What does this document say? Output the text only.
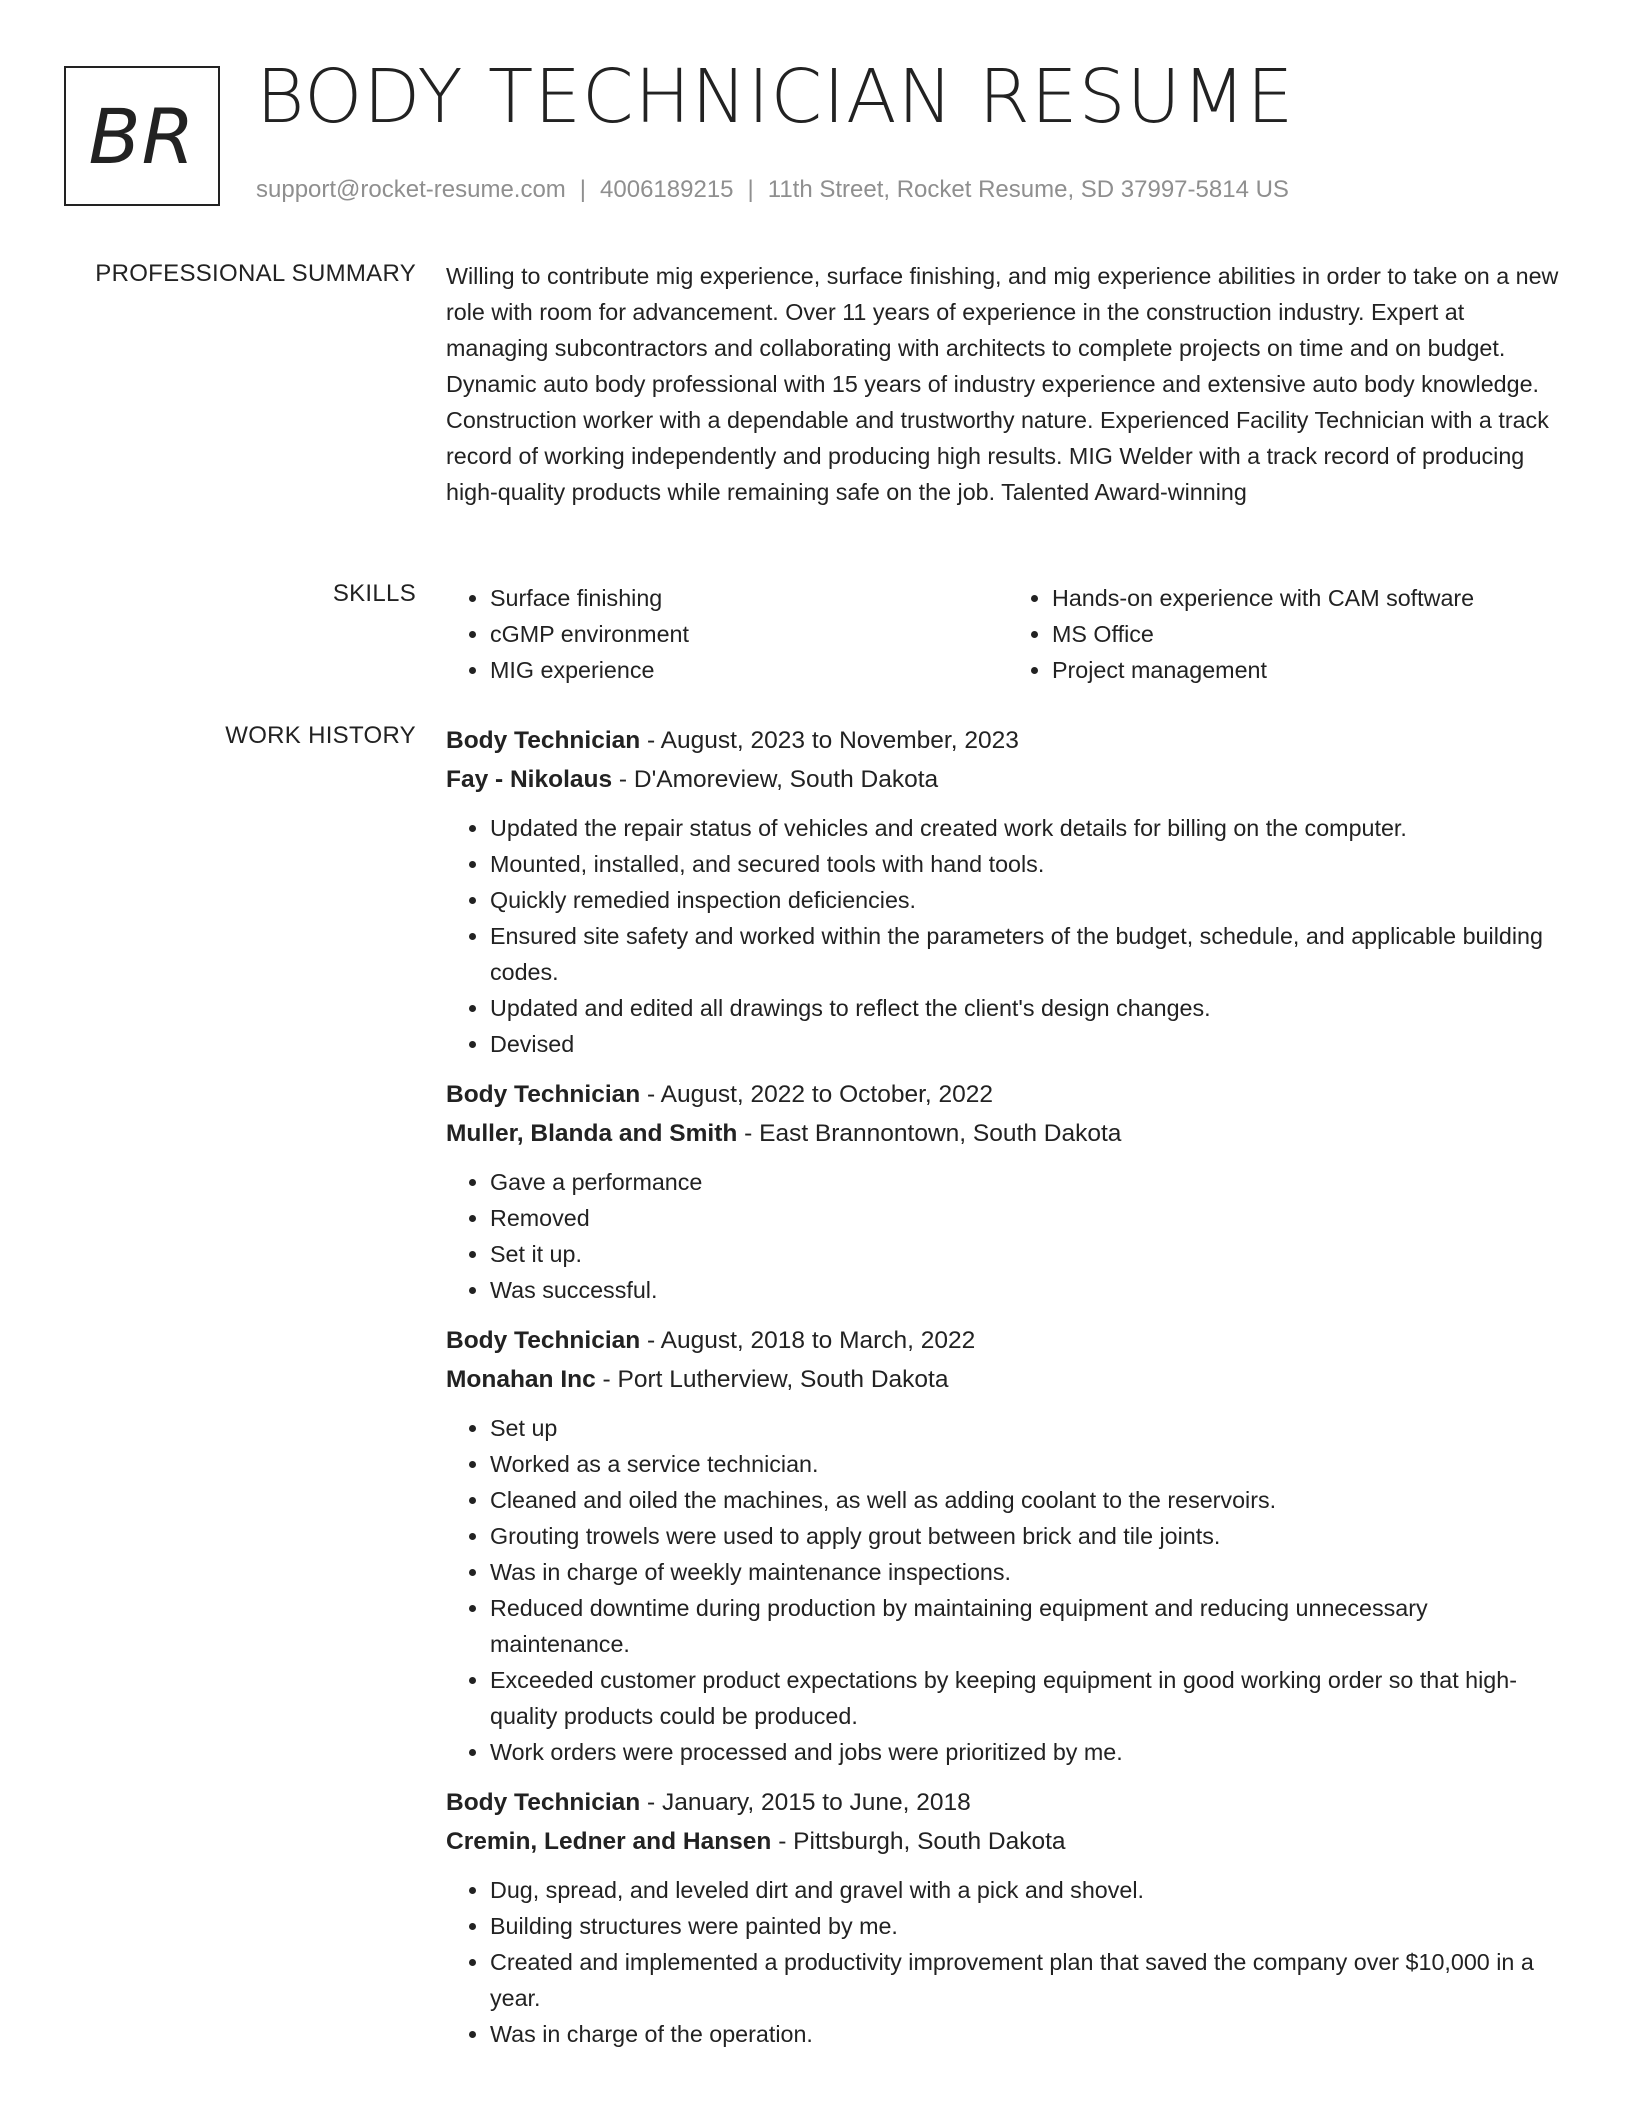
BR BODY TECHNICIAN RESUME
support@rocket-resume.com | 4006189215 | 11th Street, Rocket Resume, SD 37997-5814 US
PROFESSIONAL SUMMARY Willing to contribute mig experience, surface finishing, and mig experience abilities in order to take on a new role with room for advancement. Over 11 years of experience in the construction industry. Expert at managing subcontractors and collaborating with architects to complete projects on time and on budget. Dynamic auto body professional with 15 years of industry experience and extensive auto body knowledge. Construction worker with a dependable and trustworthy nature. Experienced Facility Technician with a track record of working independently and producing high results. MIG Welder with a track record of producing high-quality products while remaining safe on the job. Talented Award-winning
SKILLS
•	Surface finishing
• cGMP environment
• MIG experience
• Hands-on experience with CAM software
• MS Office
• Project management
WORK HISTORY Body Technician - August, 2023 to November, 2023
Fay - Nikolaus - D'Amoreview, South Dakota
• Updated the repair status of vehicles and created work details for billing on the computer.
• Mounted, installed, and secured tools with hand tools.
• Quickly remedied inspection deficiencies.
• Ensured site safety and worked within the parameters of the budget, schedule, and applicable building codes.
• Updated and edited all drawings to reflect the client's design changes.
• Devised
Body Technician - August, 2022 to October, 2022
Muller, Blanda and Smith - East Brannontown, South Dakota
• Gave a performance
• Removed
• Set it up.
• Was successful.
Body Technician - August, 2018 to March, 2022
Monahan Inc - Port Lutherview, South Dakota
• Set up
• Worked as a service technician.
• Cleaned and oiled the machines, as well as adding coolant to the reservoirs.
• Grouting trowels were used to apply grout between brick and tile joints.
• Was in charge of weekly maintenance inspections.
• Reduced downtime during production by maintaining equipment and reducing unnecessary maintenance.
• Exceeded customer product expectations by keeping equipment in good working order so that high-quality products could be produced.
• Work orders were processed and jobs were prioritized by me.
Body Technician - January, 2015 to June, 2018
Cremin, Ledner and Hansen - Pittsburgh, South Dakota
• Dug, spread, and leveled dirt and gravel with a pick and shovel.
• Building structures were painted by me.
• Created and implemented a productivity improvement plan that saved the company over $10,000 in a year.
• Was in charge of the operation.
